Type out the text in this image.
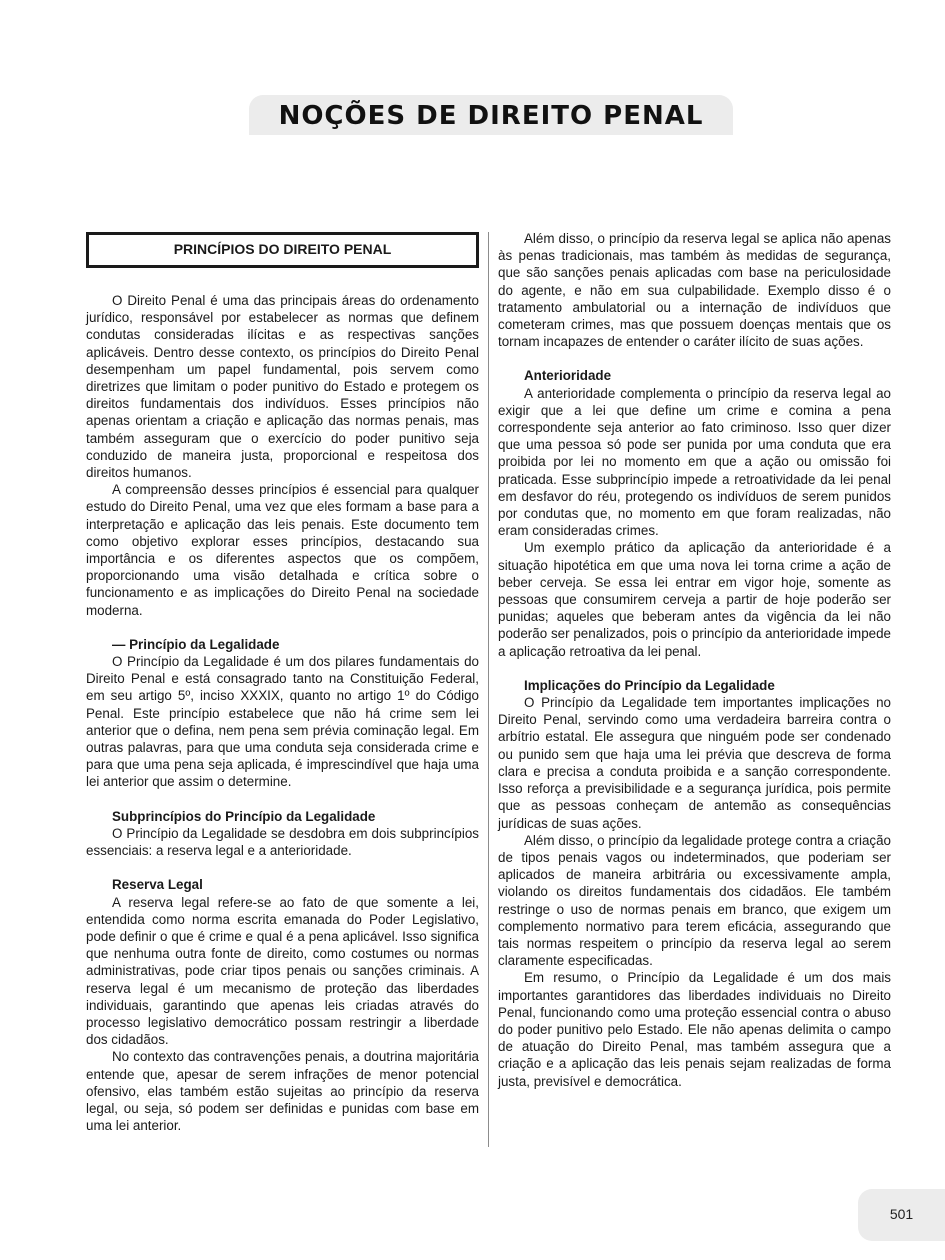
NOÇÕES DE DIREITO PENAL
PRINCÍPIOS DO DIREITO PENAL

O Direito Penal é uma das principais áreas do ordenamento jurídico, responsável por estabelecer as normas que definem condutas consideradas ilícitas e as respectivas sanções aplicáveis. Dentro desse contexto, os princípios do Direito Penal desempenham um papel fundamental, pois servem como diretrizes que limitam o poder punitivo do Estado e protegem os direitos fundamentais dos indivíduos. Esses princípios não apenas orientam a criação e aplicação das normas penais, mas também asseguram que o exercício do poder punitivo seja conduzido de maneira justa, proporcional e respeitosa dos direitos humanos.

A compreensão desses princípios é essencial para qualquer estudo do Direito Penal, uma vez que eles formam a base para a interpretação e aplicação das leis penais. Este documento tem como objetivo explorar esses princípios, destacando sua importância e os diferentes aspectos que os compõem, proporcionando uma visão detalhada e crítica sobre o funcionamento e as implicações do Direito Penal na sociedade moderna.

— Princípio da Legalidade

O Princípio da Legalidade é um dos pilares fundamentais do Direito Penal e está consagrado tanto na Constituição Federal, em seu artigo 5º, inciso XXXIX, quanto no artigo 1º do Código Penal. Este princípio estabelece que não há crime sem lei anterior que o defina, nem pena sem prévia cominação legal. Em outras palavras, para que uma conduta seja considerada crime e para que uma pena seja aplicada, é imprescindível que haja uma lei anterior que assim o determine.

Subprincípios do Princípio da Legalidade

O Princípio da Legalidade se desdobra em dois subprincípios essenciais: a reserva legal e a anterioridade.

Reserva Legal

A reserva legal refere-se ao fato de que somente a lei, entendida como norma escrita emanada do Poder Legislativo, pode definir o que é crime e qual é a pena aplicável. Isso significa que nenhuma outra fonte de direito, como costumes ou normas administrativas, pode criar tipos penais ou sanções criminais. A reserva legal é um mecanismo de proteção das liberdades individuais, garantindo que apenas leis criadas através do processo legislativo democrático possam restringir a liberdade dos cidadãos.

No contexto das contravenções penais, a doutrina majoritária entende que, apesar de serem infrações de menor potencial ofensivo, elas também estão sujeitas ao princípio da reserva legal, ou seja, só podem ser definidas e punidas com base em uma lei anterior.

Além disso, o princípio da reserva legal se aplica não apenas às penas tradicionais, mas também às medidas de segurança, que são sanções penais aplicadas com base na periculosidade do agente, e não em sua culpabilidade. Exemplo disso é o tratamento ambulatorial ou a internação de indivíduos que cometeram crimes, mas que possuem doenças mentais que os tornam incapazes de entender o caráter ilícito de suas ações.

Anterioridade

A anterioridade complementa o princípio da reserva legal ao exigir que a lei que define um crime e comina a pena correspondente seja anterior ao fato criminoso. Isso quer dizer que uma pessoa só pode ser punida por uma conduta que era proibida por lei no momento em que a ação ou omissão foi praticada. Esse subprincípio impede a retroatividade da lei penal em desfavor do réu, protegendo os indivíduos de serem punidos por condutas que, no momento em que foram realizadas, não eram consideradas crimes.

Um exemplo prático da aplicação da anterioridade é a situação hipotética em que uma nova lei torna crime a ação de beber cerveja. Se essa lei entrar em vigor hoje, somente as pessoas que consumirem cerveja a partir de hoje poderão ser punidas; aqueles que beberam antes da vigência da lei não poderão ser penalizados, pois o princípio da anterioridade impede a aplicação retroativa da lei penal.

Implicações do Princípio da Legalidade

O Princípio da Legalidade tem importantes implicações no Direito Penal, servindo como uma verdadeira barreira contra o arbítrio estatal. Ele assegura que ninguém pode ser condenado ou punido sem que haja uma lei prévia que descreva de forma clara e precisa a conduta proibida e a sanção correspondente. Isso reforça a previsibilidade e a segurança jurídica, pois permite que as pessoas conheçam de antemão as consequências jurídicas de suas ações.

Além disso, o princípio da legalidade protege contra a criação de tipos penais vagos ou indeterminados, que poderiam ser aplicados de maneira arbitrária ou excessivamente ampla, violando os direitos fundamentais dos cidadãos. Ele também restringe o uso de normas penais em branco, que exigem um complemento normativo para terem eficácia, assegurando que tais normas respeitem o princípio da reserva legal ao serem claramente especificadas.

Em resumo, o Princípio da Legalidade é um dos mais importantes garantidores das liberdades individuais no Direito Penal, funcionando como uma proteção essencial contra o abuso do poder punitivo pelo Estado. Ele não apenas delimita o campo de atuação do Direito Penal, mas também assegura que a criação e a aplicação das leis penais sejam realizadas de forma justa, previsível e democrática.

501
